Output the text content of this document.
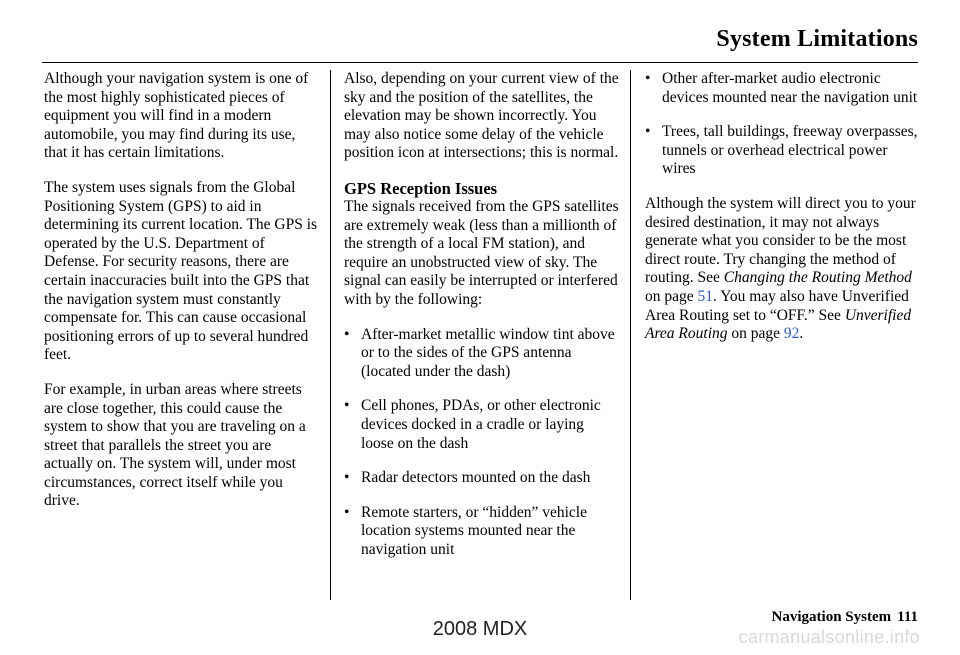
System Limitations

Although your navigation system is one of the most highly sophisticated pieces of equipment you will find in a modern automobile, you may find during its use, that it has certain limitations.

The system uses signals from the Global Positioning System (GPS) to aid in determining its current location. The GPS is operated by the U.S. Department of Defense. For security reasons, there are certain inaccuracies built into the GPS that the navigation system must constantly compensate for. This can cause occasional positioning errors of up to several hundred feet.

For example, in urban areas where streets are close together, this could cause the system to show that you are traveling on a street that parallels the street you are actually on. The system will, under most circumstances, correct itself while you drive.

Also, depending on your current view of the sky and the position of the satellites, the elevation may be shown incorrectly. You may also notice some delay of the vehicle position icon at intersections; this is normal.

GPS Reception Issues

The signals received from the GPS satellites are extremely weak (less than a millionth of the strength of a local FM station), and require an unobstructed view of sky. The signal can easily be interrupted or interfered with by the following:

• After-market metallic window tint above or to the sides of the GPS antenna (located under the dash)
• Cell phones, PDAs, or other electronic devices docked in a cradle or laying loose on the dash
• Radar detectors mounted on the dash
• Remote starters, or “hidden” vehicle location systems mounted near the navigation unit
• Other after-market audio electronic devices mounted near the navigation unit
• Trees, tall buildings, freeway overpasses, tunnels or overhead electrical power wires

Although the system will direct you to your desired destination, it may not always generate what you consider to be the most direct route. Try changing the method of routing. See Changing the Routing Method on page 51. You may also have Unverified Area Routing set to “OFF.” See Unverified Area Routing on page 92.

Navigation System 111
2008 MDX	carmanualsonline.info
